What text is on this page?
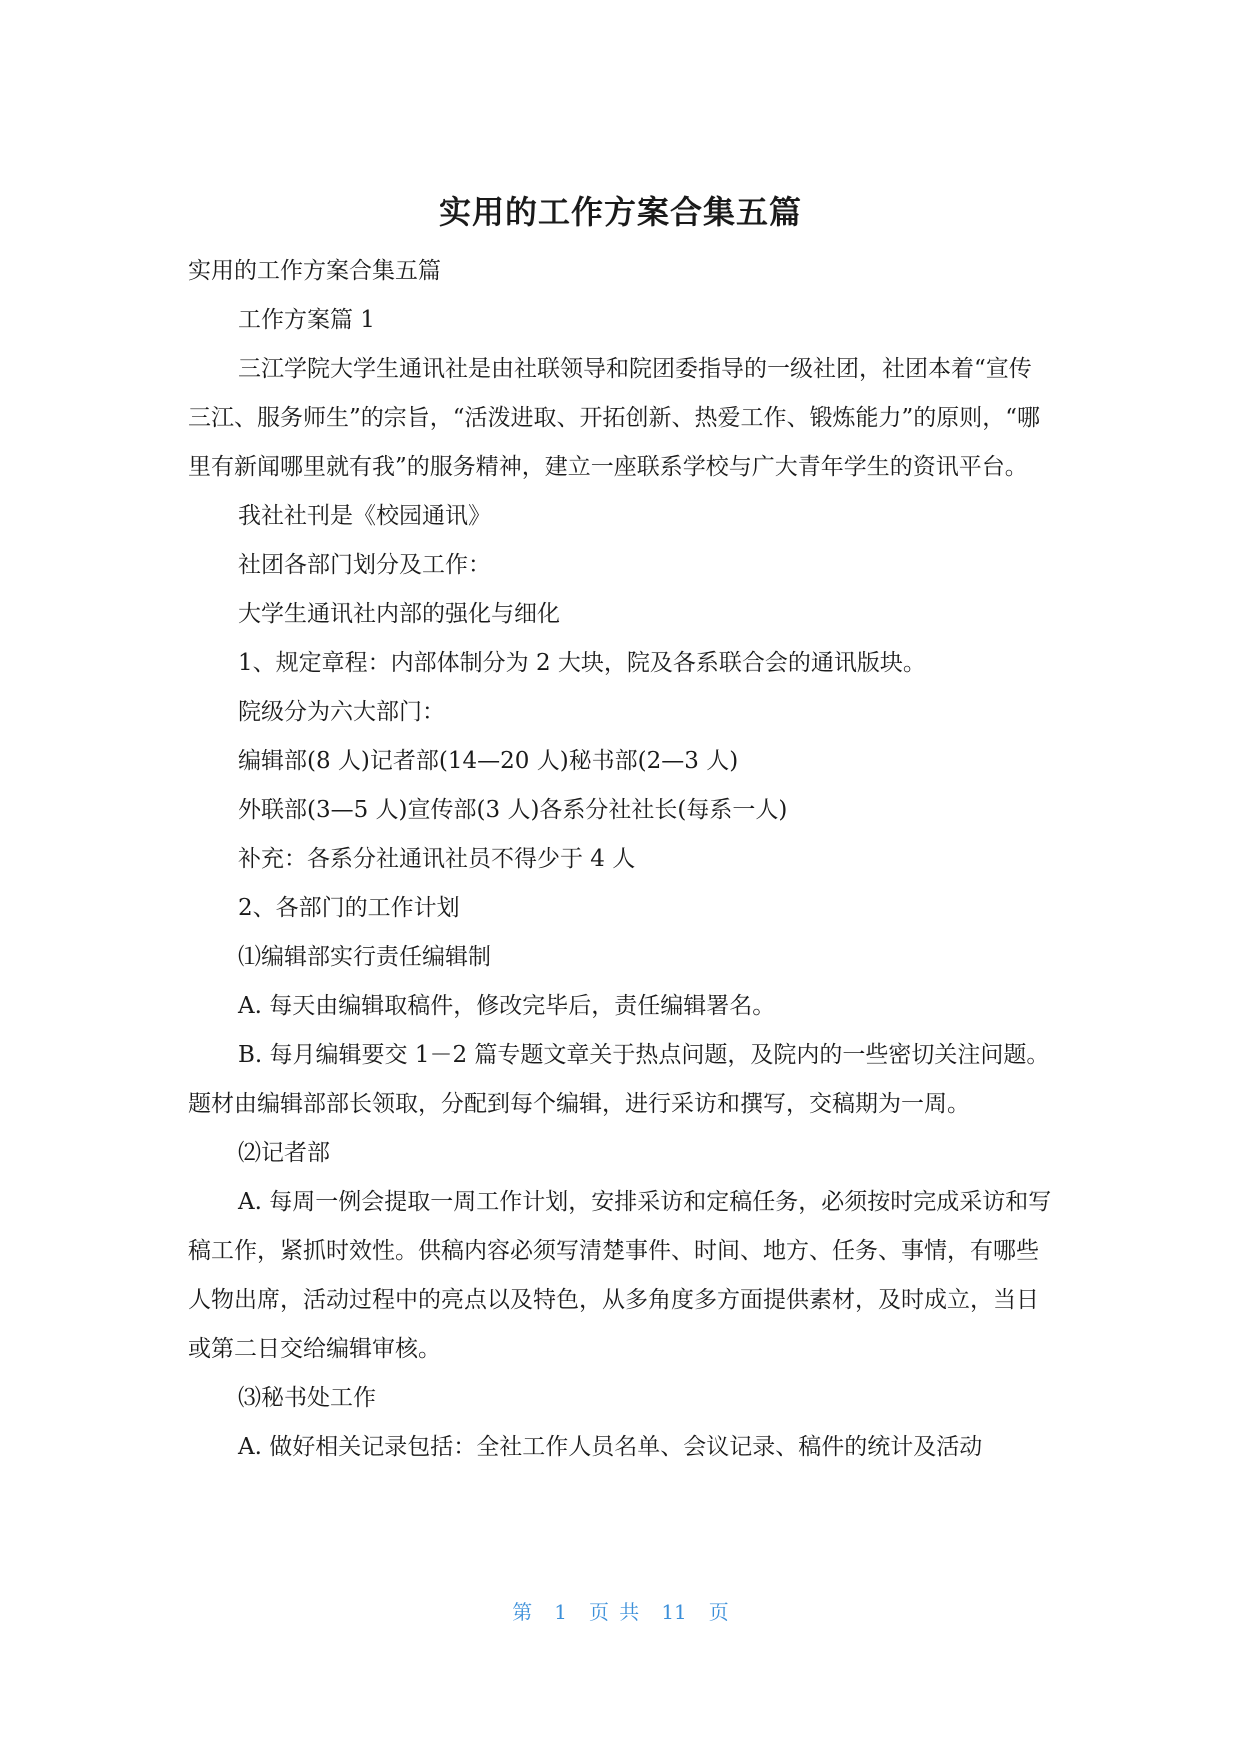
实用的工作方案合集五篇

实用的工作方案合集五篇

工作方案篇 1

三江学院大学生通讯社是由社联领导和院团委指导的一级社团，社团本着“宣传三江、服务师生”的宗旨，“活泼进取、开拓创新、热爱工作、锻炼能力”的原则，“哪里有新闻哪里就有我”的服务精神，建立一座联系学校与广大青年学生的资讯平台。

我社社刊是《校园通讯》

社团各部门划分及工作：

大学生通讯社内部的强化与细化

1、规定章程：内部体制分为 2 大块，院及各系联合会的通讯版块。

院级分为六大部门：

编辑部(8 人)记者部(14—20 人)秘书部(2—3 人)

外联部(3—5 人)宣传部(3 人)各系分社社长(每系一人)

补充：各系分社通讯社员不得少于 4 人

2、各部门的工作计划

⑴编辑部实行责任编辑制

A. 每天由编辑取稿件，修改完毕后，责任编辑署名。

B. 每月编辑要交 1－2 篇专题文章关于热点问题，及院内的一些密切关注问题。题材由编辑部部长领取，分配到每个编辑，进行采访和撰写，交稿期为一周。

⑵记者部

A. 每周一例会提取一周工作计划，安排采访和定稿任务，必须按时完成采访和写稿工作，紧抓时效性。供稿内容必须写清楚事件、时间、地方、任务、事情，有哪些人物出席，活动过程中的亮点以及特色，从多角度多方面提供素材，及时成立，当日或第二日交给编辑审核。

⑶秘书处工作

A. 做好相关记录包括：全社工作人员名单、会议记录、稿件的统计及活动

第 1 页 共 11 页
